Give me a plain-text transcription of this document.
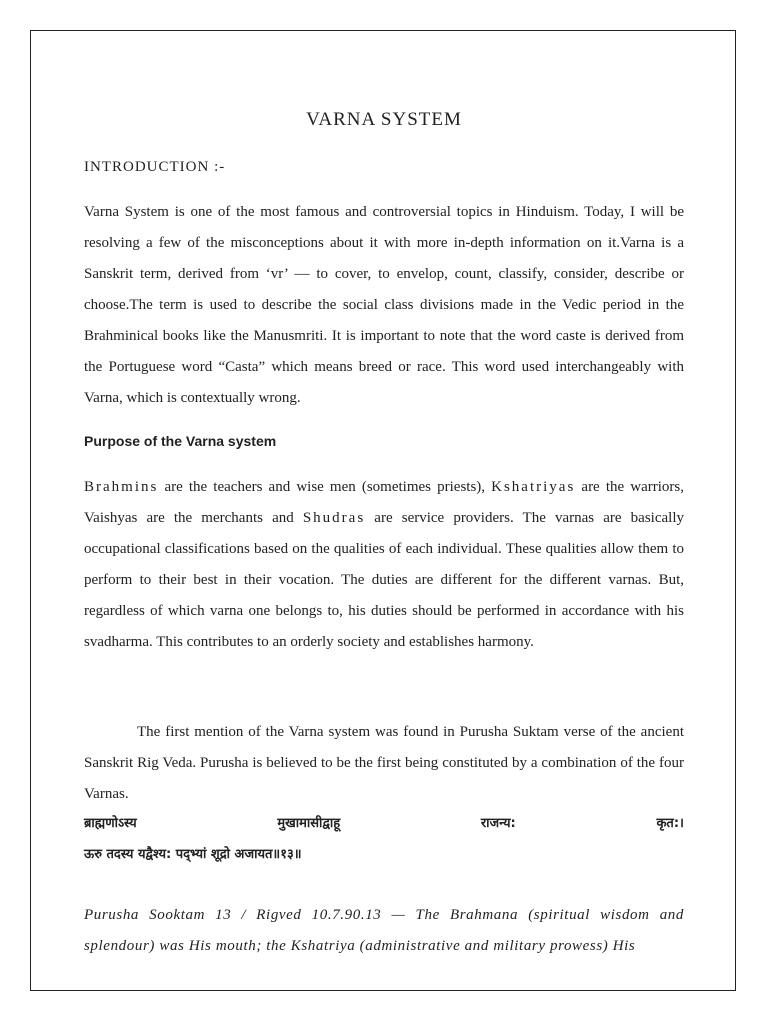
VARNA SYSTEM
INTRODUCTION :-
Varna System is one of the most famous and controversial topics in Hinduism. Today, I will be resolving a few of the misconceptions about it with more in-depth information on it.Varna is a Sanskrit term, derived from ‘vr’ — to cover, to envelop, count, classify, consider, describe or choose.The term is used to describe the social class divisions made in the Vedic period in the Brahminical books like the Manusmriti. It is important to note that the word caste is derived from the Portuguese word “Casta” which means breed or race. This word used interchangeably with Varna, which is contextually wrong.
Purpose of the Varna system
Brahmins are the teachers and wise men (sometimes priests), Kshatriyas are the warriors, Vaishyas are the merchants and Shudras are service providers. The varnas are basically occupational classifications based on the qualities of each individual. These qualities allow them to perform to their best in their vocation. The duties are different for the different varnas. But, regardless of which varna one belongs to, his duties should be performed in accordance with his svadharma. This contributes to an orderly society and establishes harmony.
The first mention of the Varna system was found in Purusha Suktam verse of the ancient Sanskrit Rig Veda. Purusha is believed to be the first being constituted by a combination of the four Varnas.
ब्राह्मणोऽस्य	मुखामासीद्वाहू	राजन्य:	कृत:।
ऊरु तदस्य यद्वैश्य: पद्भ्यां शूद्रो अजायत॥१३॥
Purusha Sooktam 13 / Rigved 10.7.90.13 — The Brahmana (spiritual wisdom and splendour) was His mouth; the Kshatriya (administrative and military prowess) His
